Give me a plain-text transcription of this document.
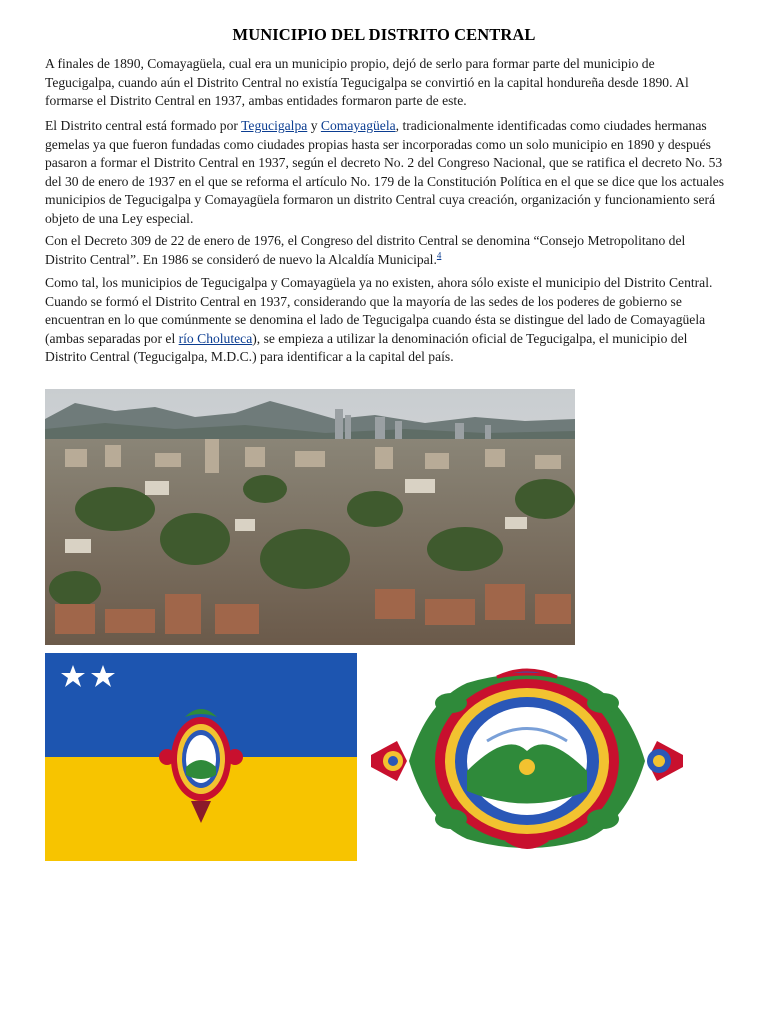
MUNICIPIO DEL DISTRITO CENTRAL

A finales de 1890, Comayagüela, cual era un municipio propio, dejó de serlo para formar parte del municipio de Tegucigalpa, cuando aún el Distrito Central no existía Tegucigalpa se convirtió en la capital hondureña desde 1890. Al formarse el Distrito Central en 1937, ambas entidades formaron parte de este.

El Distrito central está formado por Tegucigalpa y Comayagüela, tradicionalmente identificadas como ciudades hermanas gemelas ya que fueron fundadas como ciudades propias hasta ser incorporadas como un solo municipio en 1890 y después pasaron a formar el Distrito Central en 1937, según el decreto No. 2 del Congreso Nacional, que se ratifica el decreto No. 53 del 30 de enero de 1937 en el que se reforma el artículo No. 179 de la Constitución Política en el que se dice que los actuales municipios de Tegucigalpa y Comayagüela formaron un distrito Central cuya creación, organización y funcionamiento será objeto de una Ley especial.

Con el Decreto 309 de 22 de enero de 1976, el Congreso del distrito Central se denomina “Consejo Metropolitano del Distrito Central”. En 1986 se consideró de nuevo la Alcaldía Municipal.$^4$

Como tal, los municipios de Tegucigalpa y Comayagüela ya no existen, ahora sólo existe el municipio del Distrito Central. Cuando se formó el Distrito Central en 1937, considerando que la mayoría de las sedes de los poderes de gobierno se encuentran en lo que comúnmente se denomina el lado de Tegucigalpa cuando ésta se distingue del lado de Comayagüela (ambas separadas por el río Choluteca), se empieza a utilizar la denominación oficial de Tegucigalpa, el municipio del Distrito Central (Tegucigalpa, M.D.C.) para identificar a la capital del país.
